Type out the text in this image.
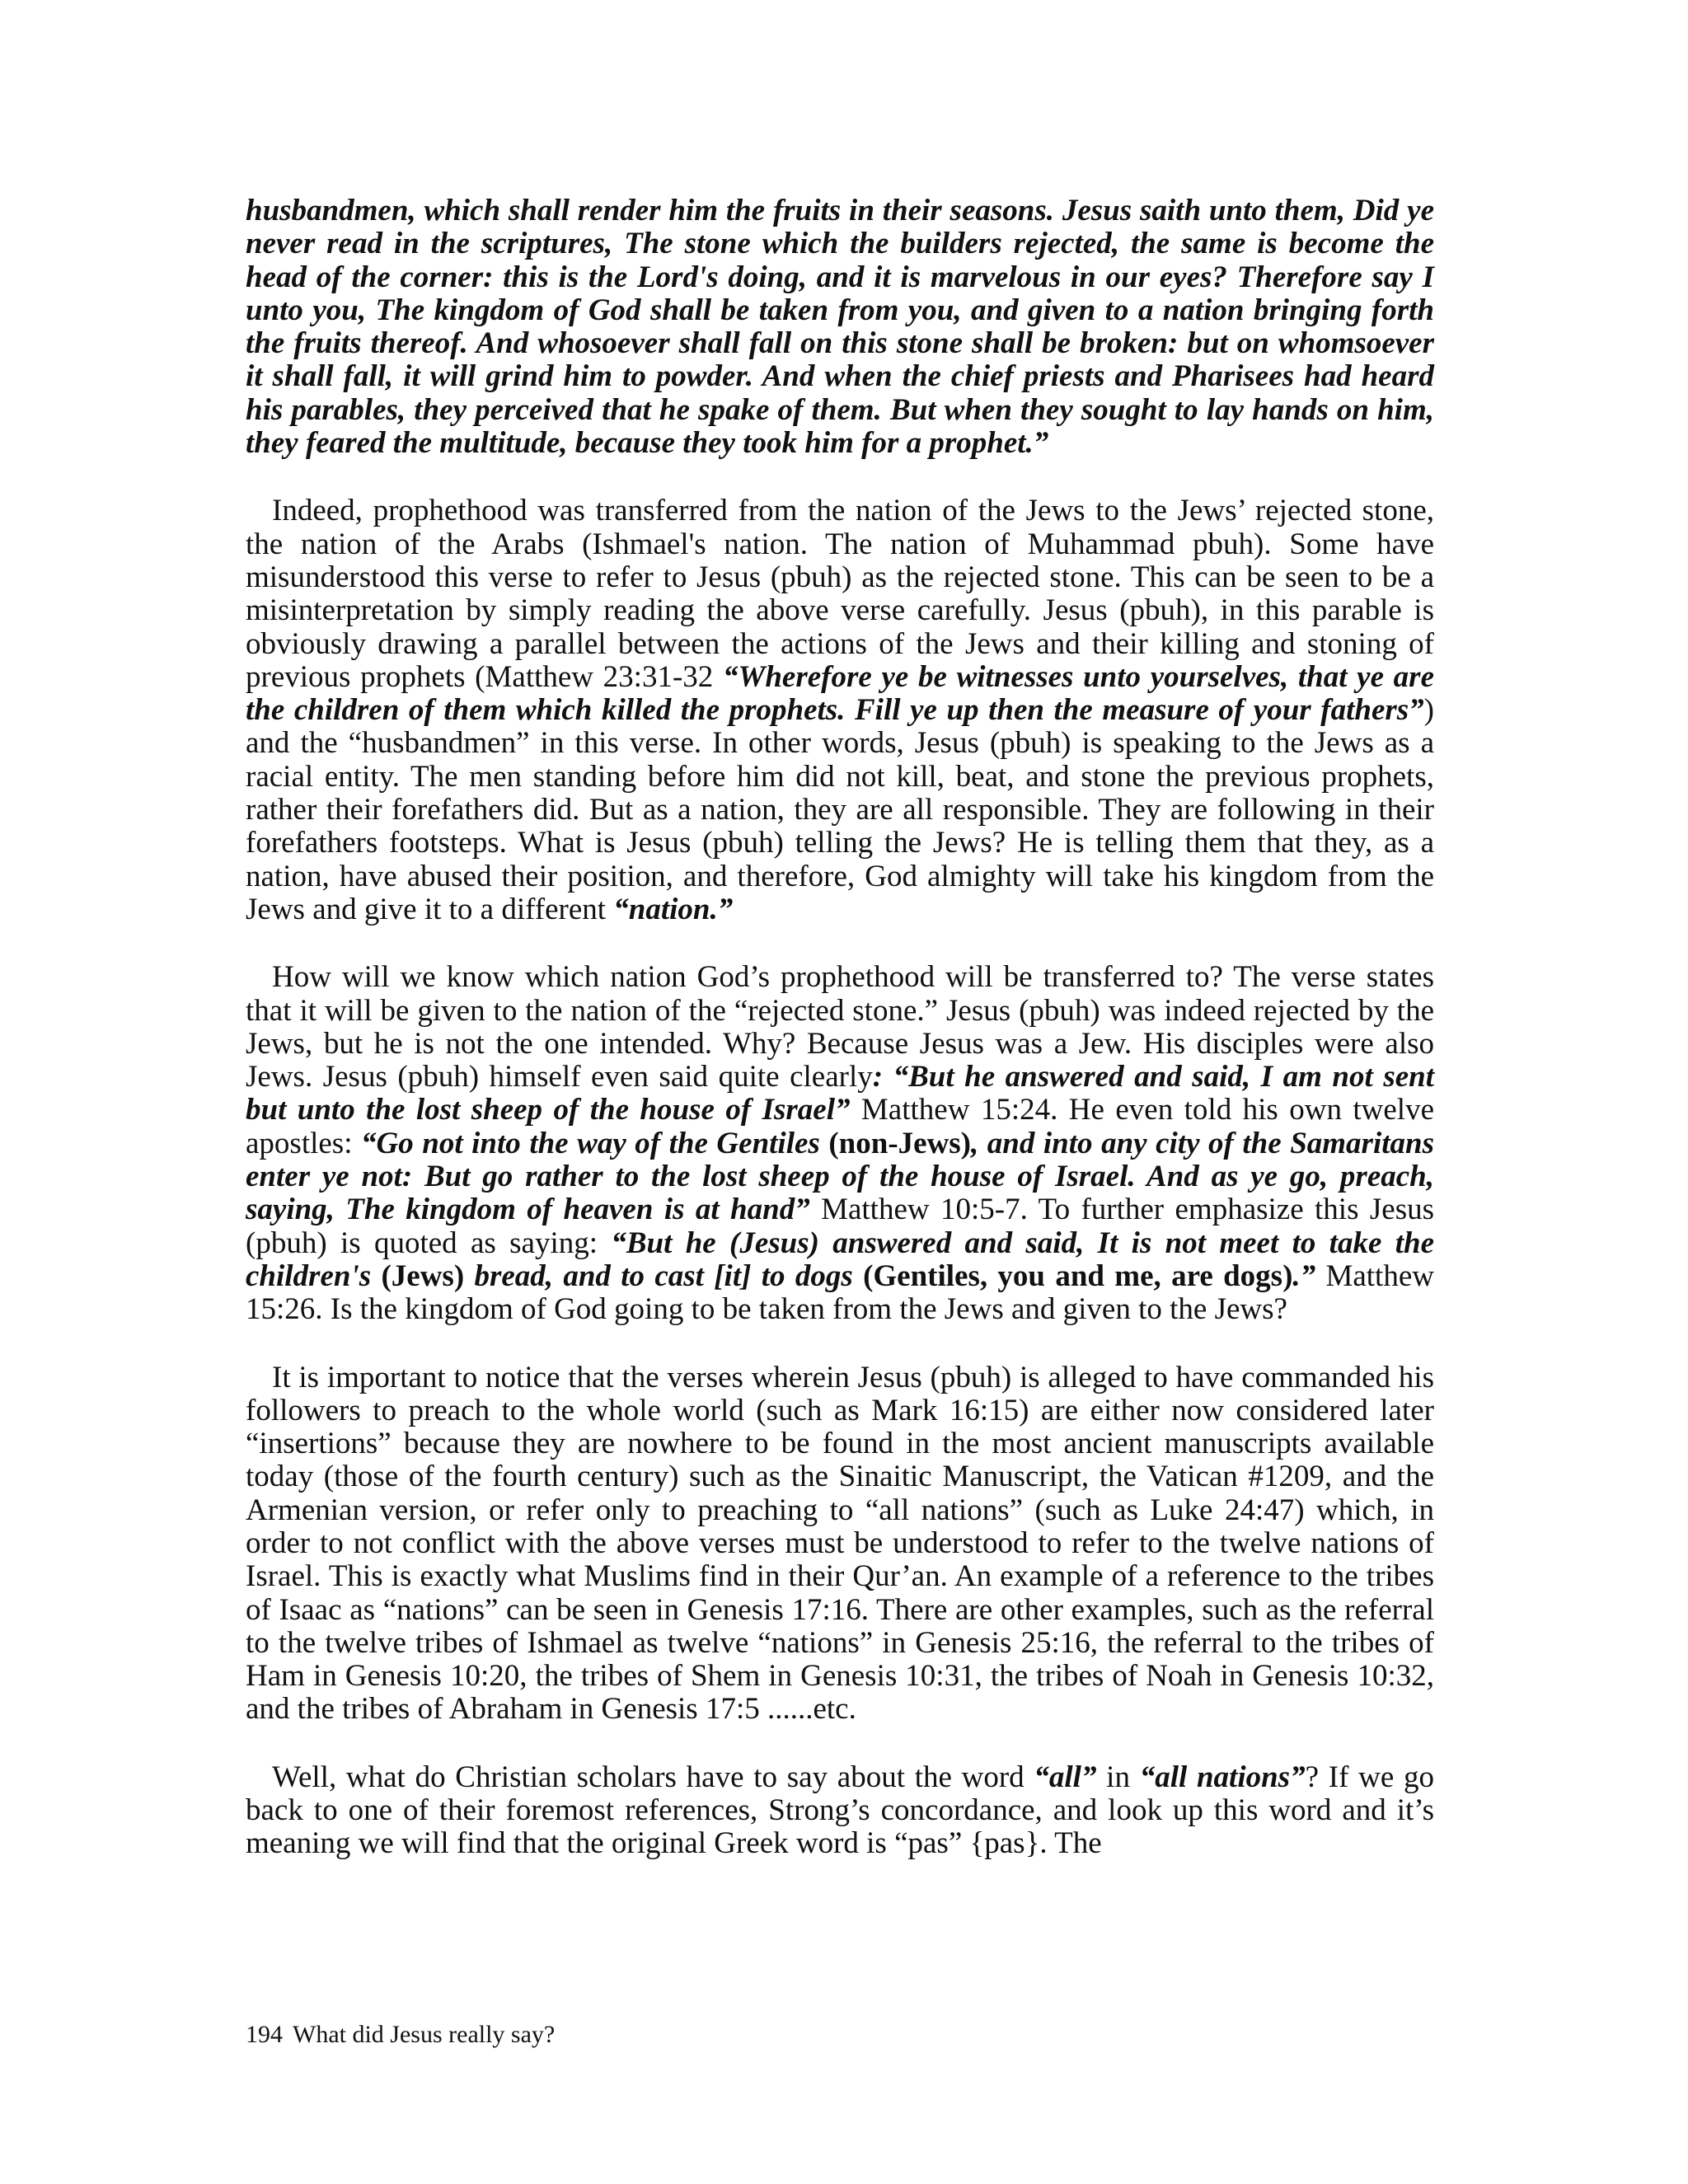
husbandmen, which shall render him the fruits in their seasons. Jesus saith unto them, Did ye never read in the scriptures, The stone which the builders rejected, the same is become the head of the corner: this is the Lord's doing, and it is marvelous in our eyes? Therefore say I unto you, The kingdom of God shall be taken from you, and given to a nation bringing forth the fruits thereof. And whosoever shall fall on this stone shall be broken: but on whomsoever it shall fall, it will grind him to powder. And when the chief priests and Pharisees had heard his parables, they perceived that he spake of them. But when they sought to lay hands on him, they feared the multitude, because they took him for a prophet.”

Indeed, prophethood was transferred from the nation of the Jews to the Jews’ rejected stone, the nation of the Arabs (Ishmael's nation. The nation of Muhammad pbuh). Some have misunderstood this verse to refer to Jesus (pbuh) as the rejected stone. This can be seen to be a misinterpretation by simply reading the above verse carefully. Jesus (pbuh), in this parable is obviously drawing a parallel between the actions of the Jews and their killing and stoning of previous prophets (Matthew 23:31-32 “Wherefore ye be witnesses unto yourselves, that ye are the children of them which killed the prophets. Fill ye up then the measure of your fathers”) and the “husbandmen” in this verse. In other words, Jesus (pbuh) is speaking to the Jews as a racial entity. The men standing before him did not kill, beat, and stone the previous prophets, rather their forefathers did. But as a nation, they are all responsible. They are following in their forefathers footsteps. What is Jesus (pbuh) telling the Jews? He is telling them that they, as a nation, have abused their position, and therefore, God almighty will take his kingdom from the Jews and give it to a different “nation.”

How will we know which nation God’s prophethood will be transferred to? The verse states that it will be given to the nation of the “rejected stone.” Jesus (pbuh) was indeed rejected by the Jews, but he is not the one intended. Why? Because Jesus was a Jew. His disciples were also Jews. Jesus (pbuh) himself even said quite clearly: “But he answered and said, I am not sent but unto the lost sheep of the house of Israel” Matthew 15:24. He even told his own twelve apostles: “Go not into the way of the Gentiles (non-Jews), and into any city of the Samaritans enter ye not: But go rather to the lost sheep of the house of Israel. And as ye go, preach, saying, The kingdom of heaven is at hand” Matthew 10:5-7. To further emphasize this Jesus (pbuh) is quoted as saying: “But he (Jesus) answered and said, It is not meet to take the children's (Jews) bread, and to cast [it] to dogs (Gentiles, you and me, are dogs).” Matthew 15:26. Is the kingdom of God going to be taken from the Jews and given to the Jews?

It is important to notice that the verses wherein Jesus (pbuh) is alleged to have commanded his followers to preach to the whole world (such as Mark 16:15) are either now considered later “insertions” because they are nowhere to be found in the most ancient manuscripts available today (those of the fourth century) such as the Sinaitic Manuscript, the Vatican #1209, and the Armenian version, or refer only to preaching to “all nations” (such as Luke 24:47) which, in order to not conflict with the above verses must be understood to refer to the twelve nations of Israel. This is exactly what Muslims find in their Qur’an. An example of a reference to the tribes of Isaac as “nations” can be seen in Genesis 17:16. There are other examples, such as the referral to the twelve tribes of Ishmael as twelve “nations” in Genesis 25:16, the referral to the tribes of Ham in Genesis 10:20, the tribes of Shem in Genesis 10:31, the tribes of Noah in Genesis 10:32, and the tribes of Abraham in Genesis 17:5 ......etc.

Well, what do Christian scholars have to say about the word “all” in “all nations”? If we go back to one of their foremost references, Strong’s concordance, and look up this word and it’s meaning we will find that the original Greek word is “pas” {pas}. The

194 What did Jesus really say?
